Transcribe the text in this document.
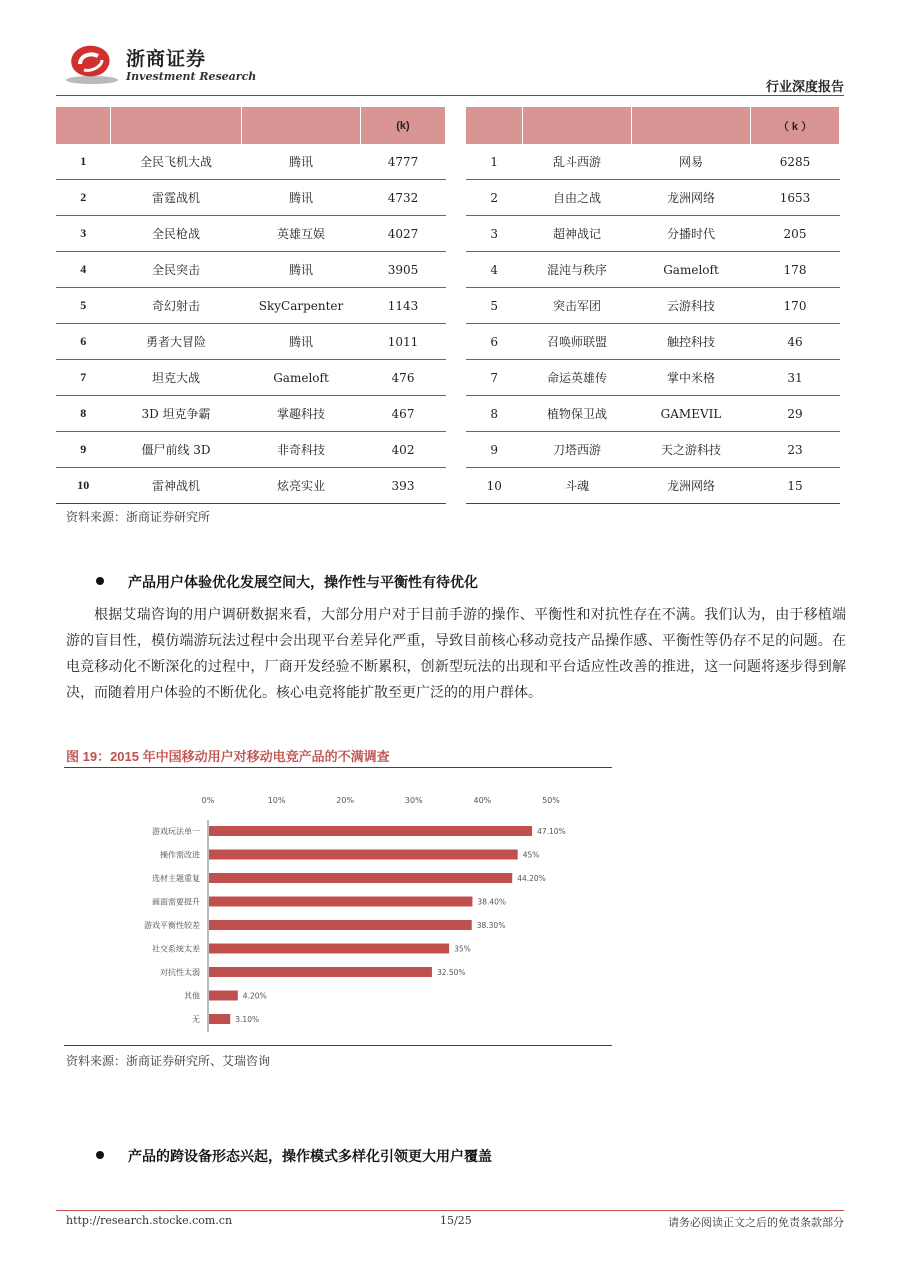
浙商证券
Investment Research
行业深度报告
			(k)
1	全民飞机大战	腾讯	4777
2	雷霆战机	腾讯	4732
3	全民枪战	英雄互娱	4027
4	全民突击	腾讯	3905
5	奇幻射击	SkyCarpenter	1143
6	勇者大冒险	腾讯	1011
7	坦克大战	Gameloft	476
8	3D 坦克争霸	掌趣科技	467
9	僵尸前线 3D	非奇科技	402
10	雷神战机	炫亮实业	393
			（ k ）
1	乱斗西游	网易	6285
2	自由之战	龙洲网络	1653
3	超神战记	分播时代	205
4	混沌与秩序	Gameloft	178
5	突击军团	云游科技	170
6	召唤师联盟	触控科技	46
7	命运英雄传	掌中米格	31
8	植物保卫战	GAMEVIL	29
9	刀塔西游	天之游科技	23
10	斗魂	龙洲网络	15
资料来源：浙商证券研究所
产品用户体验优化发展空间大，操作性与平衡性有待优化
根据艾瑞咨询的用户调研数据来看，大部分用户对于目前手游的操作、平衡性和对抗性存在不满。我们认为，由于移植端游的盲目性，模仿端游玩法过程中会出现平台差异化严重，导致目前核心移动竞技产品操作感、平衡性等仍存不足的问题。在电竞移动化不断深化的过程中，厂商开发经验不断累积，创新型玩法的出现和平台适应性改善的推进，这一问题将逐步得到解决，而随着用户体验的不断优化。核心电竞将能扩散至更广泛的的用户群体。
图 19：2015 年中国移动用户对移动电竞产品的不满调查
0%	10%	20%	30%	40%	50%
游戏玩法单一	47.10%
操作需改进	45%
选材主题重复	44.20%
画面需要提升	38.40%
游戏平衡性较差	38.30%
社交系统太差	35%
对抗性太弱	32.50%
其他	4.20%
无	3.10%
资料来源：浙商证券研究所、艾瑞咨询
产品的跨设备形态兴起，操作模式多样化引领更大用户覆盖
http://research.stocke.com.cn	15/25	请务必阅读正文之后的免责条款部分
